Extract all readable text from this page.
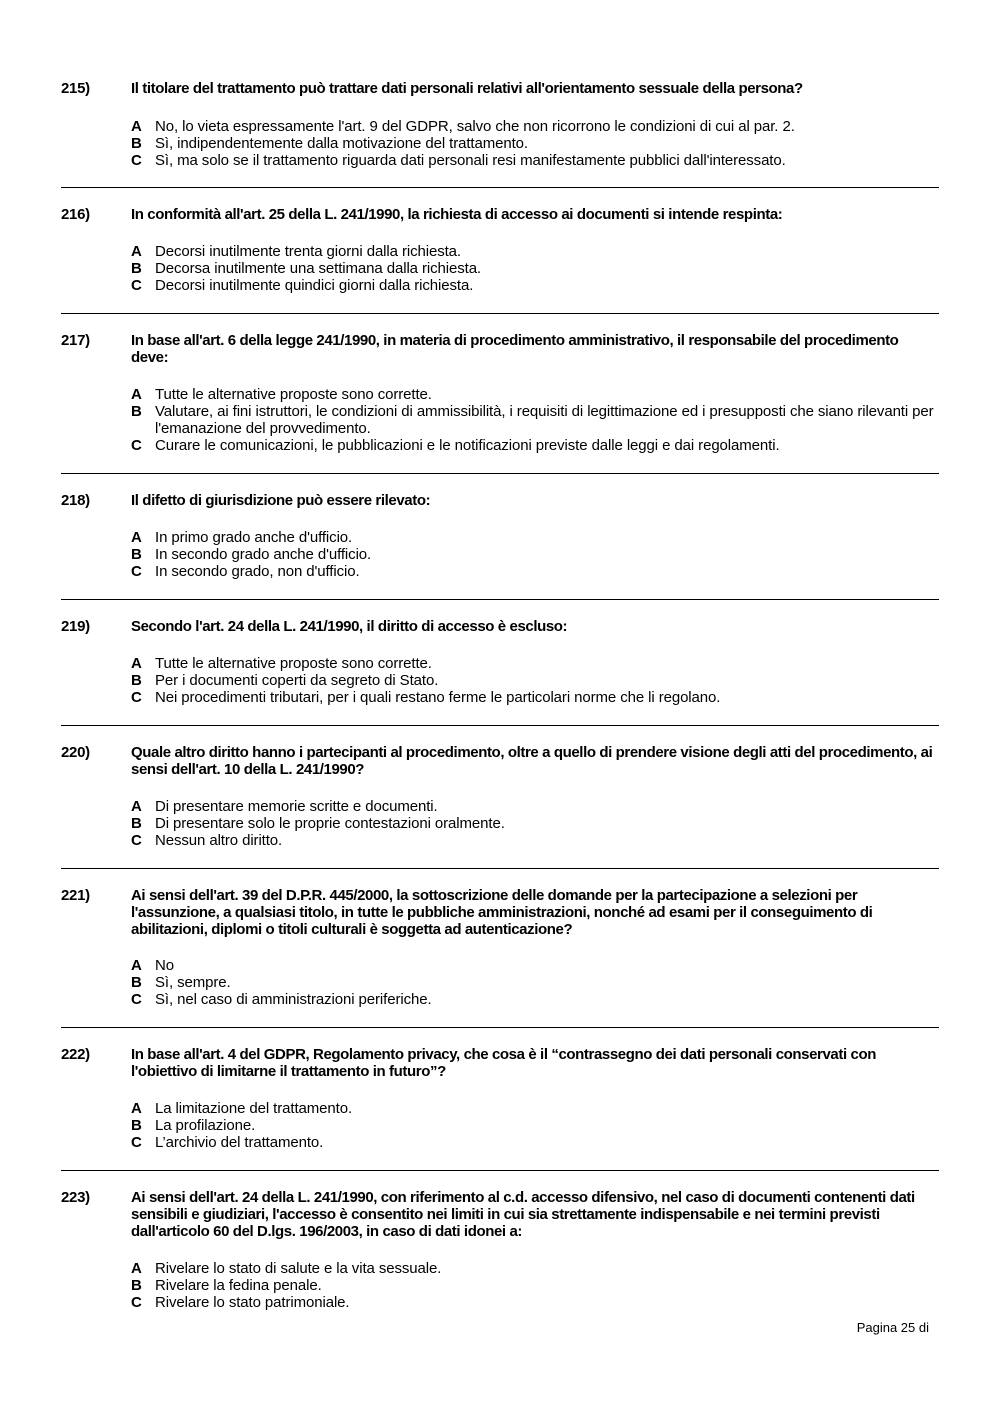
215)	Il titolare del trattamento può trattare dati personali relativi all'orientamento sessuale della persona?
A No, lo vieta espressamente l'art. 9 del GDPR, salvo che non ricorrono le condizioni di cui al par. 2.
B Sì, indipendentemente dalla motivazione del trattamento.
C Sì, ma solo se il trattamento riguarda dati personali resi manifestamente pubblici dall'interessato.
216)	In conformità all'art. 25 della L. 241/1990, la richiesta di accesso ai documenti si intende respinta:
A Decorsi inutilmente trenta giorni dalla richiesta.
B Decorsa inutilmente una settimana dalla richiesta.
C Decorsi inutilmente quindici giorni dalla richiesta.
217)	In base all'art. 6 della legge 241/1990, in materia di procedimento amministrativo, il responsabile del procedimento deve:
A Tutte le alternative proposte sono corrette.
B Valutare, ai fini istruttori, le condizioni di ammissibilità, i requisiti di legittimazione ed i presupposti che siano rilevanti per l'emanazione del provvedimento.
C Curare le comunicazioni, le pubblicazioni e le notificazioni previste dalle leggi e dai regolamenti.
218)	Il difetto di giurisdizione può essere rilevato:
A In primo grado anche d'ufficio.
B In secondo grado anche d'ufficio.
C In secondo grado, non d'ufficio.
219)	Secondo l'art. 24 della L. 241/1990, il diritto di accesso è escluso:
A Tutte le alternative proposte sono corrette.
B Per i documenti coperti da segreto di Stato.
C Nei procedimenti tributari, per i quali restano ferme le particolari norme che li regolano.
220)	Quale altro diritto hanno i partecipanti al procedimento, oltre a quello di prendere visione degli atti del procedimento, ai sensi dell'art. 10 della L. 241/1990?
A Di presentare memorie scritte e documenti.
B Di presentare solo le proprie contestazioni oralmente.
C Nessun altro diritto.
221)	Ai sensi dell'art. 39 del D.P.R. 445/2000, la sottoscrizione delle domande per la partecipazione a selezioni per l'assunzione, a qualsiasi titolo, in tutte le pubbliche amministrazioni, nonché ad esami per il conseguimento di abilitazioni, diplomi o titoli culturali è soggetta ad autenticazione?
A No
B Sì, sempre.
C Sì, nel caso di amministrazioni periferiche.
222)	In base all'art. 4 del GDPR, Regolamento privacy, che cosa è il “contrassegno dei dati personali conservati con l'obiettivo di limitarne il trattamento in futuro”?
A La limitazione del trattamento.
B La profilazione.
C L’archivio del trattamento.
223)	Ai sensi dell'art. 24 della L. 241/1990, con riferimento al c.d. accesso difensivo, nel caso di documenti contenenti dati sensibili e giudiziari, l'accesso è consentito nei limiti in cui sia strettamente indispensabile e nei termini previsti dall'articolo 60 del D.lgs. 196/2003, in caso di dati idonei a:
A Rivelare lo stato di salute e la vita sessuale.
B Rivelare la fedina penale.
C Rivelare lo stato patrimoniale.
Pagina 25 di
